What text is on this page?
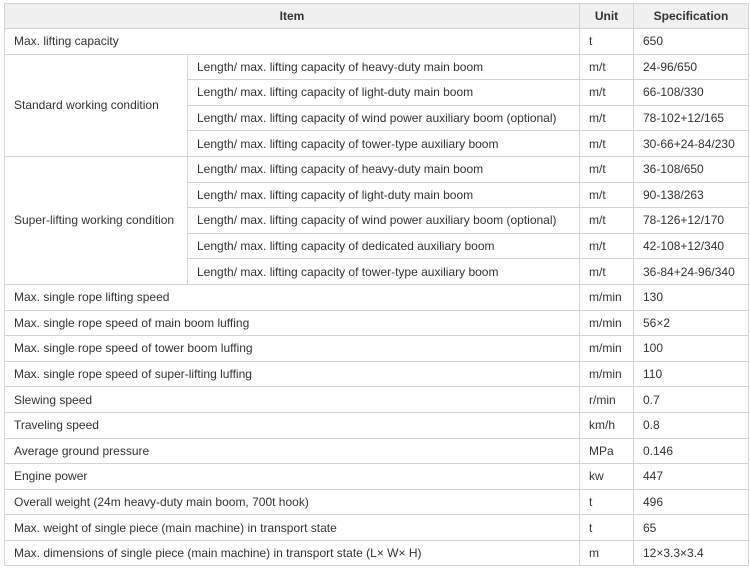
Item		Unit	Specification
Max. lifting capacity		t	650
Standard working condition	Length/ max. lifting capacity of heavy-duty main boom	m/t	24-96/650
	Length/ max. lifting capacity of light-duty main boom	m/t	66-108/330
	Length/ max. lifting capacity of wind power auxiliary boom (optional)	m/t	78-102+12/165
	Length/ max. lifting capacity of tower-type auxiliary boom	m/t	30-66+24-84/230
Super-lifting working condition	Length/ max. lifting capacity of heavy-duty main boom	m/t	36-108/650
	Length/ max. lifting capacity of light-duty main boom	m/t	90-138/263
	Length/ max. lifting capacity of wind power auxiliary boom (optional)	m/t	78-126+12/170
	Length/ max. lifting capacity of dedicated auxiliary boom	m/t	42-108+12/340
	Length/ max. lifting capacity of tower-type auxiliary boom	m/t	36-84+24-96/340
Max. single rope lifting speed		m/min	130
Max. single rope speed of main boom luffing		m/min	56×2
Max. single rope speed of tower boom luffing		m/min	100
Max. single rope speed of super-lifting luffing		m/min	110
Slewing speed		r/min	0.7
Traveling speed		km/h	0.8
Average ground pressure		MPa	0.146
Engine power		kw	447
Overall weight (24m heavy-duty main boom, 700t hook)		t	496
Max. weight of single piece (main machine) in transport state		t	65
Max. dimensions of single piece (main machine) in transport state (L× W× H)		m	12×3.3×3.4
